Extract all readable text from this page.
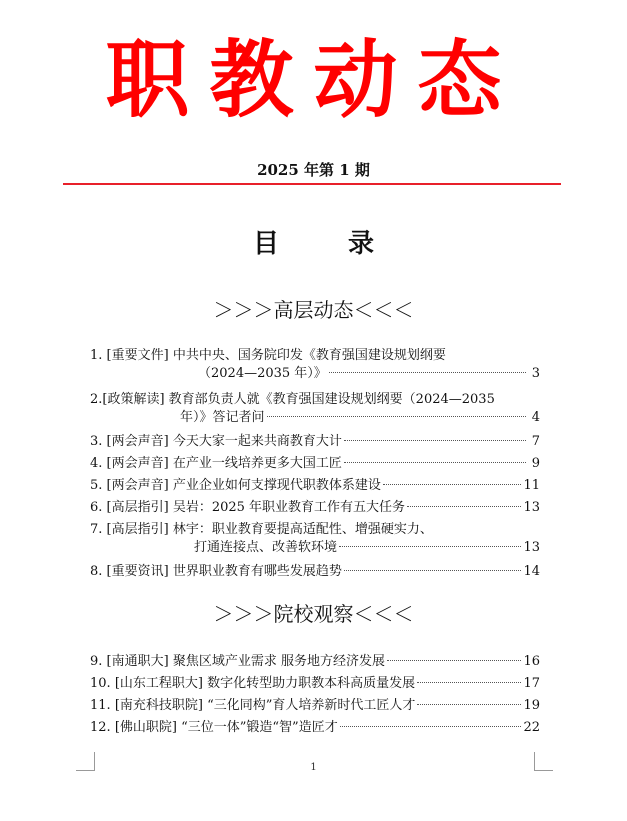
职教动态
2025 年第 1 期
目 录
＞＞＞高层动态＜＜＜
1. [重要文件] 中共中央、国务院印发《教育强国建设规划纲要
（2024—2035 年）》	3
2.[政策解读] 教育部负责人就《教育强国建设规划纲要（2024—2035
年）》答记者问	4
3. [两会声音] 今天大家一起来共商教育大计	7
4. [两会声音] 在产业一线培养更多大国工匠	9
5. [两会声音] 产业企业如何支撑现代职教体系建设	11
6. [高层指引] 吴岩：2025 年职业教育工作有五大任务	13
7. [高层指引] 林宇：职业教育要提高适配性、增强硬实力、
打通连接点、改善软环境	13
8. [重要资讯] 世界职业教育有哪些发展趋势	14
＞＞＞院校观察＜＜＜
9. [南通职大] 聚焦区域产业需求 服务地方经济发展	16
10. [山东工程职大] 数字化转型助力职教本科高质量发展	17
11. [南充科技职院] “三化同构”育人培养新时代工匠人才	19
12. [佛山职院] “三位一体”锻造“智”造匠才	22
1
